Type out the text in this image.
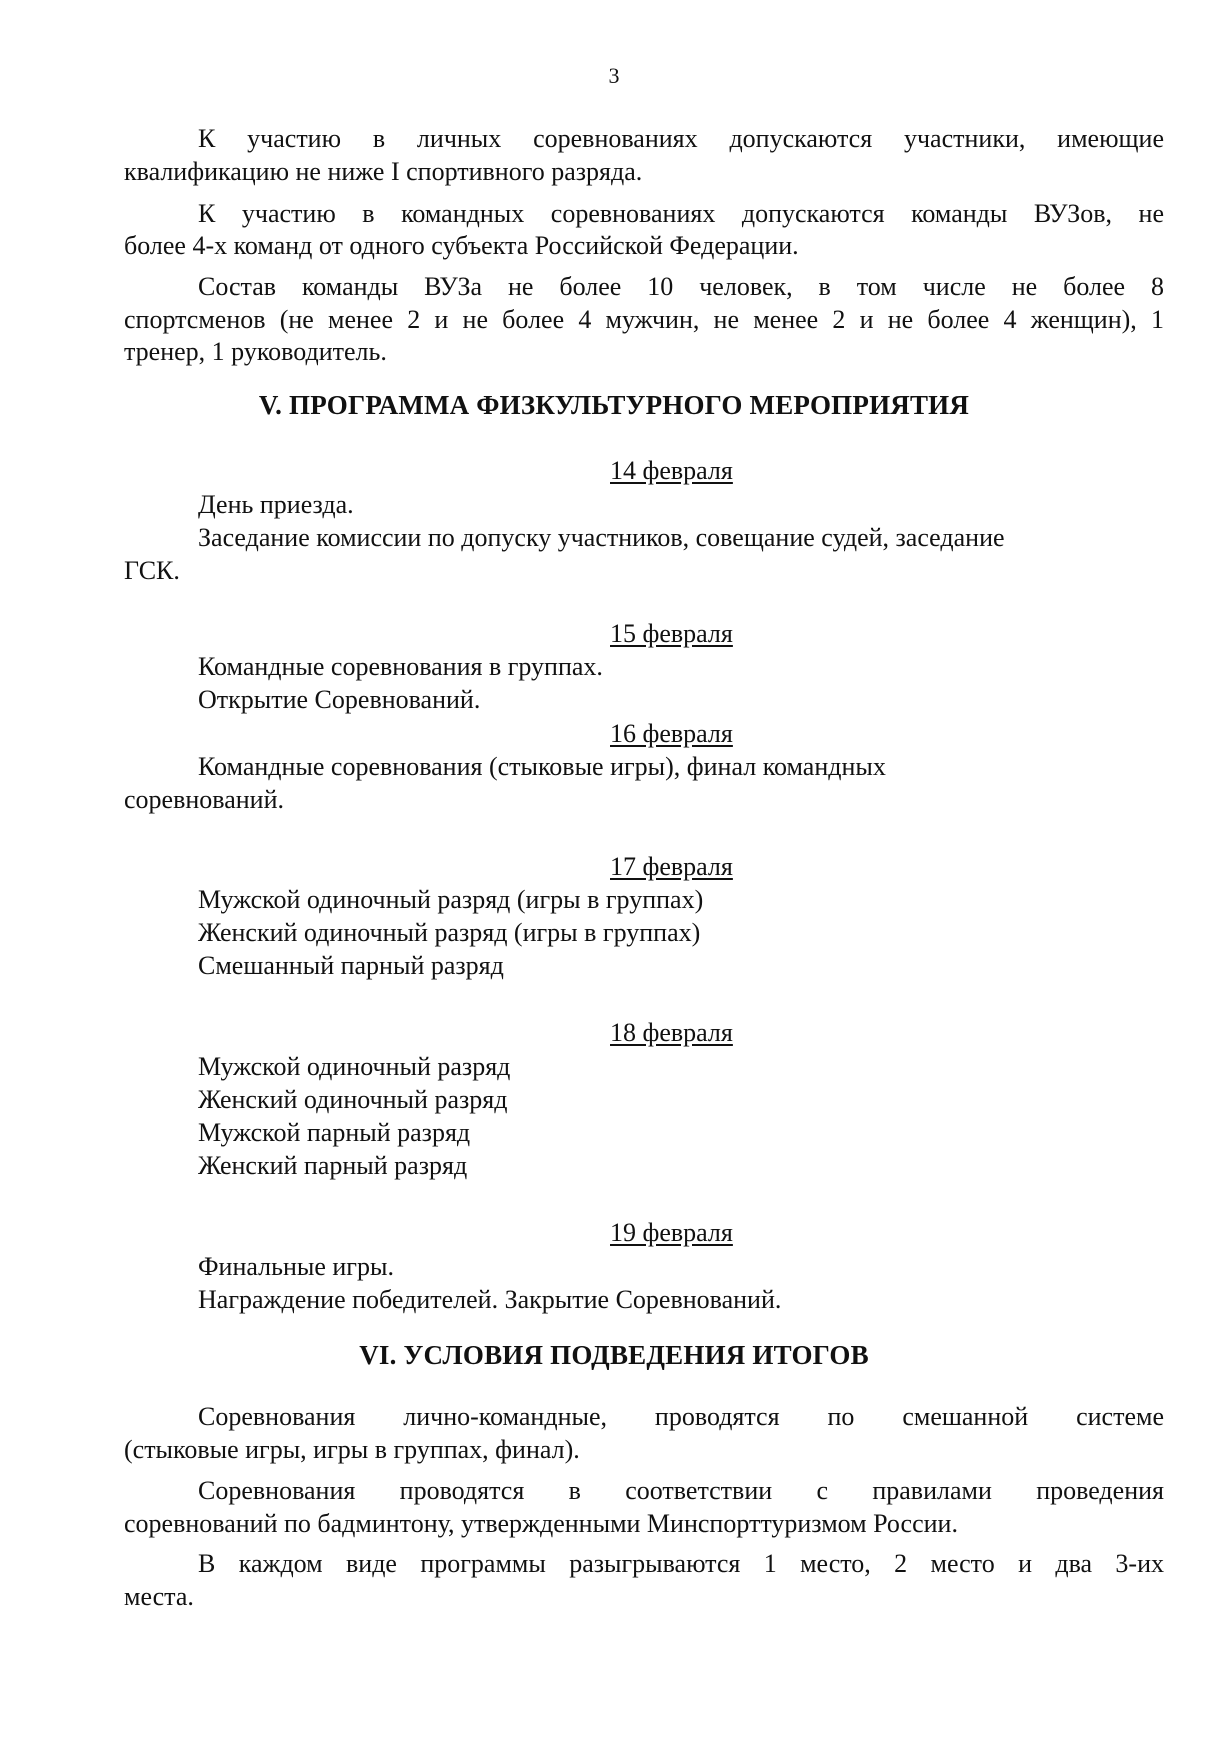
3

К участию в личных соревнованиях допускаются участники, имеющие

квалификацию не ниже I спортивного разряда.

К участию в командных соревнованиях допускаются команды ВУЗов, не

более 4-х команд от одного субъекта Российской Федерации.

Состав команды ВУЗа не более 10 человек, в том числе не более 8

спортсменов (не менее 2 и не более 4 мужчин, не менее 2 и не более 4 женщин), 1

тренер, 1 руководитель.

V. ПРОГРАММА ФИЗКУЛЬТУРНОГО МЕРОПРИЯТИЯ
14 февраля

День приезда.

Заседание комиссии по допуску участников, совещание судей, заседание

ГСК.

15 февраля

Командные соревнования в группах.

Открытие Соревнований.

16 февраля

Командные соревнования (стыковые игры), финал командных

соревнований.

17 февраля

Мужской одиночный разряд (игры в группах)

Женский одиночный разряд (игры в группах)

Смешанный парный разряд

18 февраля

Мужской одиночный разряд

Женский одиночный разряд

Мужской парный разряд

Женский парный разряд

19 февраля

Финальные игры.

Награждение победителей. Закрытие Соревнований.

VI. УСЛОВИЯ ПОДВЕДЕНИЯ ИТОГОВ

Соревнования лично-командные, проводятся по смешанной системе

(стыковые игры, игры в группах, финал).

Соревнования проводятся в соответствии с правилами проведения

соревнований по бадминтону, утвержденными Минспорттуризмом России.

В каждом виде программы разыгрываются 1 место, 2 место и два 3-их

места.
